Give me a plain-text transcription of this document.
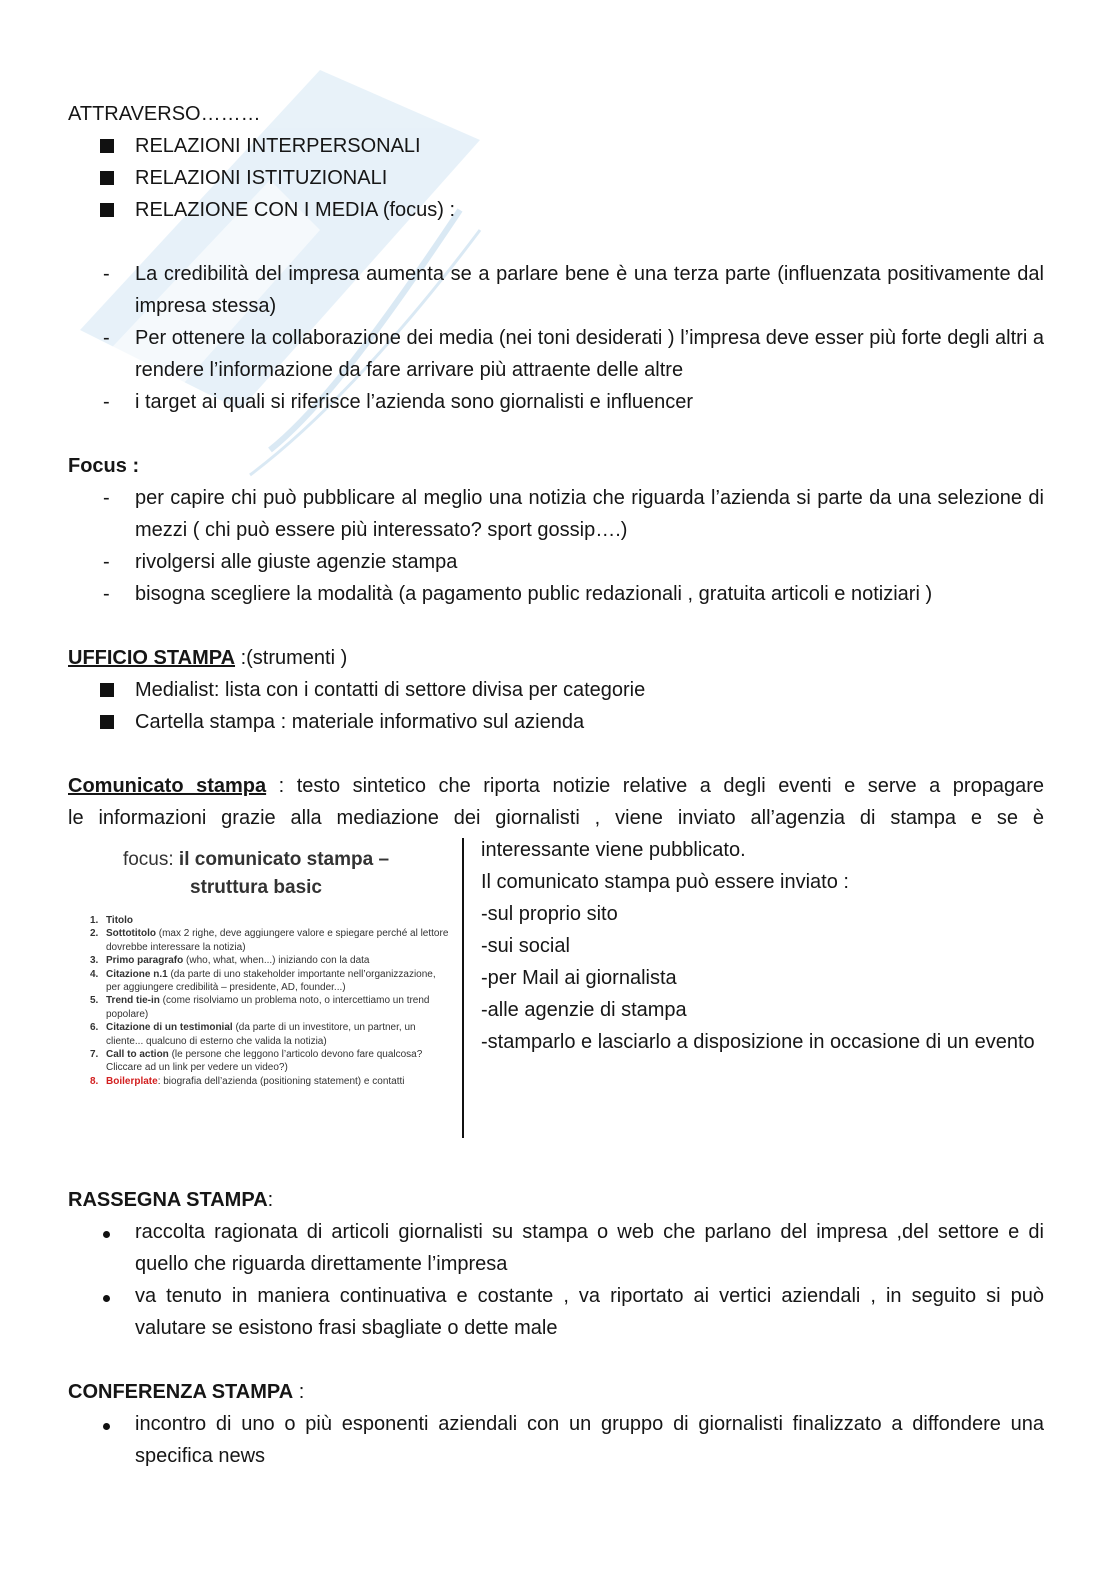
ATTRAVERSO………
RELAZIONI INTERPERSONALI
RELAZIONI ISTITUZIONALI
RELAZIONE CON I MEDIA (focus) :
-	La credibilità del impresa aumenta se a parlare bene è una terza parte (influenzata positivamente dal impresa stessa)
-	Per ottenere la collaborazione dei media (nei toni desiderati ) l’impresa deve esser più forte degli altri a rendere l’informazione da fare arrivare più attraente delle altre
-	i target ai quali si riferisce l’azienda sono giornalisti e influencer
Focus :
-	per capire chi può pubblicare al meglio una notizia che riguarda l’azienda si parte da una selezione di mezzi ( chi può essere più interessato? sport gossip….)
-	rivolgersi alle giuste agenzie stampa
-	bisogna scegliere la modalità (a pagamento public redazionali , gratuita articoli e notiziari )
UFFICIO STAMPA :(strumenti )
Medialist: lista con i contatti di settore divisa per categorie
Cartella stampa : materiale informativo sul azienda
Comunicato stampa : testo sintetico che riporta notizie relative a degli eventi e serve a propagare
le informazioni grazie alla mediazione dei giornalisti , viene inviato all’agenzia di stampa e se è
focus: il comunicato stampa –
struttura basic
1. Titolo
2. Sottotitolo (max 2 righe, deve aggiungere valore e spiegare perché al lettore dovrebbe interessare la notizia)
3. Primo paragrafo (who, what, when...) iniziando con la data
4. Citazione n.1 (da parte di uno stakeholder importante nell’organizzazione, per aggiungere credibilità – presidente, AD, founder...)
5. Trend tie-in (come risolviamo un problema noto, o intercettiamo un trend popolare)
6. Citazione di un testimonial (da parte di un investitore, un partner, un cliente... qualcuno di esterno che valida la notizia)
7. Call to action (le persone che leggono l’articolo devono fare qualcosa? Cliccare ad un link per vedere un video?)
8. Boilerplate: biografia dell’azienda (positioning statement) e contatti
interessante viene pubblicato.
Il comunicato stampa può essere inviato :
-sul proprio sito
-sui social
-per Mail ai giornalista
-alle agenzie di stampa
-stamparlo e lasciarlo a disposizione in occasione di un evento
RASSEGNA STAMPA:
raccolta ragionata di articoli giornalisti su stampa o web che parlano del impresa ,del settore e di quello che riguarda direttamente l’impresa
va tenuto in maniera continuativa e costante , va riportato ai vertici aziendali , in seguito si può valutare se esistono frasi sbagliate o dette male
CONFERENZA STAMPA :
incontro di uno o più esponenti aziendali con un gruppo di giornalisti finalizzato a diffondere una specifica news
